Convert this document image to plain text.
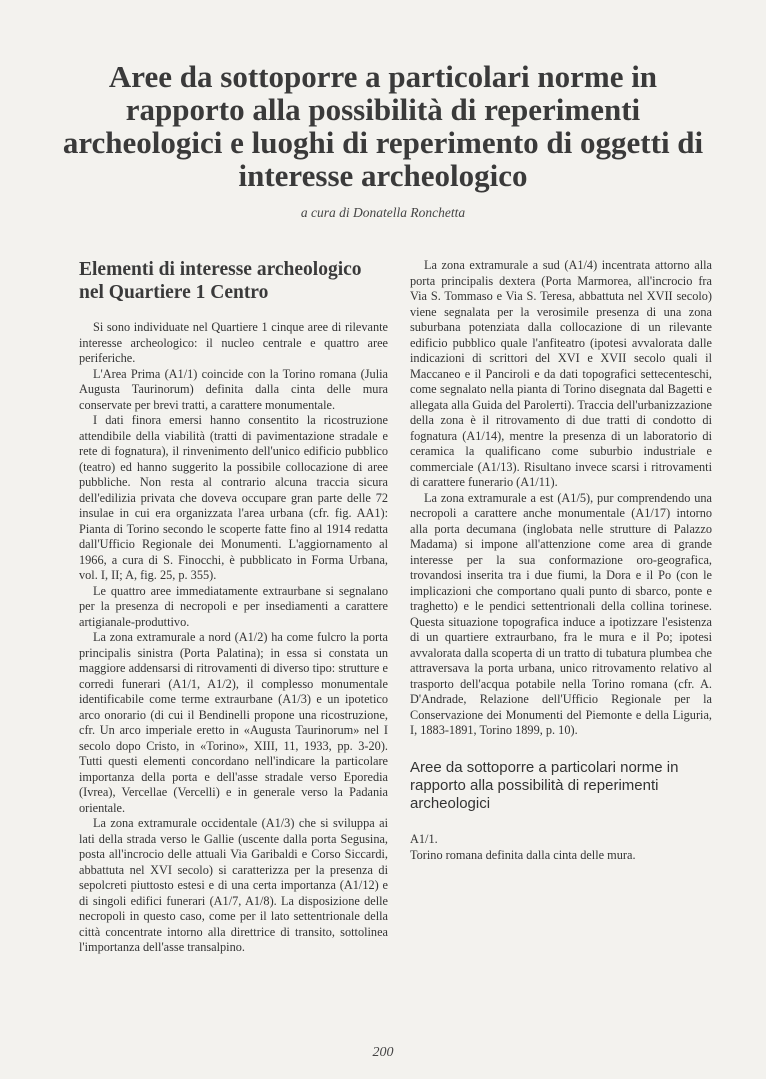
Aree da sottoporre a particolari norme in rapporto alla possibilità di reperimenti archeologici e luoghi di reperimento di oggetti di interesse archeologico
a cura di Donatella Ronchetta
Elementi di interesse archeologico nel Quartiere 1 Centro

Si sono individuate nel Quartiere 1 cinque aree di rilevante interesse archeologico: il nucleo centrale e quattro aree periferiche.

L'Area Prima (A1/1) coincide con la Torino romana (Julia Augusta Taurinorum) definita dalla cinta delle mura conservate per brevi tratti, a carattere monumentale.

I dati finora emersi hanno consentito la ricostruzione attendibile della viabilità (tratti di pavimentazione stradale e rete di fognatura), il rinvenimento dell'unico edificio pubblico (teatro) ed hanno suggerito la possibile collocazione di aree pubbliche. Non resta al contrario alcuna traccia sicura dell'edilizia privata che doveva occupare gran parte delle 72 insulae in cui era organizzata l'area urbana (cfr. fig. AA1): Pianta di Torino secondo le scoperte fatte fino al 1914 redatta dall'Ufficio Regionale dei Monumenti. L'aggiornamento al 1966, a cura di S. Finocchi, è pubblicato in Forma Urbana, vol. I, II; A, fig. 25, p. 355).

Le quattro aree immediatamente extraurbane si segnalano per la presenza di necropoli e per insediamenti a carattere artigianale-produttivo.

La zona extramurale a nord (A1/2) ha come fulcro la porta principalis sinistra (Porta Palatina); in essa si constata un maggiore addensarsi di ritrovamenti di diverso tipo: strutture e corredi funerari (A1/1, A1/2), il complesso monumentale identificabile come terme extraurbane (A1/3) e un ipotetico arco onorario (di cui il Bendinelli propone una ricostruzione, cfr. Un arco imperiale eretto in «Augusta Taurinorum» nel I secolo dopo Cristo, in «Torino», XIII, 11, 1933, pp. 3-20). Tutti questi elementi concordano nell'indicare la particolare importanza della porta e dell'asse stradale verso Eporedia (Ivrea), Vercellae (Vercelli) e in generale verso la Padania orientale.

La zona extramurale occidentale (A1/3) che si sviluppa ai lati della strada verso le Gallie (uscente dalla porta Segusina, posta all'incrocio delle attuali Via Garibaldi e Corso Siccardi, abbattuta nel XVI secolo) si caratterizza per la presenza di sepolcreti piuttosto estesi e di una certa importanza (A1/12) e di singoli edifici funerari (A1/7, A1/8). La disposizione delle necropoli in questo caso, come per il lato settentrionale della città concentrate intorno alla direttrice di transito, sottolinea l'importanza dell'asse transalpino.

La zona extramurale a sud (A1/4) incentrata attorno alla porta principalis dextera (Porta Marmorea, all'incrocio fra Via S. Tommaso e Via S. Teresa, abbattuta nel XVII secolo) viene segnalata per la verosimile presenza di una zona suburbana potenziata dalla collocazione di un rilevante edificio pubblico quale l'anfiteatro (ipotesi avvalorata dalle indicazioni di scrittori del XVI e XVII secolo quali il Maccaneo e il Panciroli e da dati topografici settecenteschi, come segnalato nella pianta di Torino disegnata dal Bagetti e allegata alla Guida del Parolетti). Traccia dell'urbanizzazione della zona è il ritrovamento di due tratti di condotto di fognatura (A1/14), mentre la presenza di un laboratorio di ceramica la qualificano come suburbio industriale e commerciale (A1/13). Risultano invece scarsi i ritrovamenti di carattere funerario (A1/11).

La zona extramurale a est (A1/5), pur comprendendo una necropoli a carattere anche monumentale (A1/17) intorno alla porta decumana (inglobata nelle strutture di Palazzo Madama) si impone all'attenzione come area di grande interesse per la sua conformazione oro-geografica, trovandosi inserita tra i due fiumi, la Dora e il Po (con le implicazioni che comportano quali punto di sbarco, ponte e traghetto) e le pendici settentrionali della collina torinese. Questa situazione topografica induce a ipotizzare l'esistenza di un quartiere extraurbano, fra le mura e il Po; ipotesi avvalorata dalla scoperta di un tratto di tubatura plumbea che attraversava la porta urbana, unico ritrovamento relativo al trasporto dell'acqua potabile nella Torino romana (cfr. A. D'Andrade, Relazione dell'Ufficio Regionale per la Conservazione dei Monumenti del Piemonte e della Liguria, I, 1883-1891, Torino 1899, p. 10).

Aree da sottoporre a particolari norme in rapporto alla possibilità di reperimenti archeologici

A1/1.

Torino romana definita dalla cinta delle mura.

200
